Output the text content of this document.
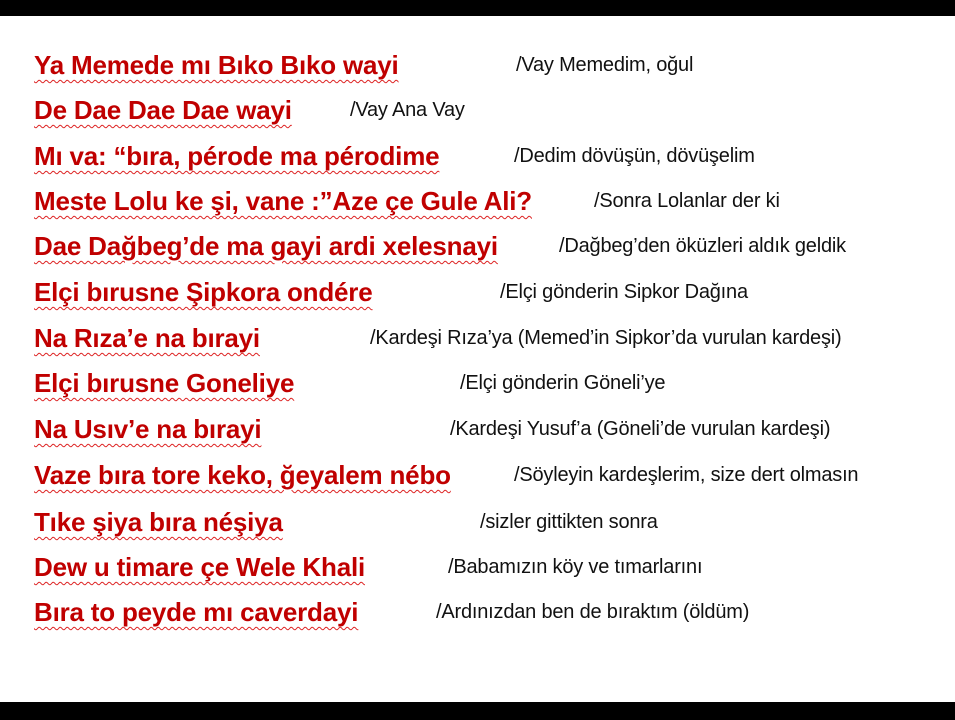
Ya Memede mı Bıko Bıko wayi	/Vay Memedim, oğul
De Dae Dae Dae wayi	/Vay Ana Vay
Mı va: “bıra, pérode ma pérodime	/Dedim dövüşün, dövüşelim
Meste Lolu ke şi, vane :”Aze çe Gule Ali?	/Sonra Lolanlar der ki
Dae Dağbeg’de ma gayi ardi xelesnayi	/Dağbeg’den öküzleri aldık geldik
Elçi bırusne Şipkora ondére	/Elçi gönderin Sipkor Dağına
Na Rıza’e na bırayi	/Kardeşi Rıza’ya (Memed’in Sipkor’da vurulan kardeşi)
Elçi bırusne Goneliye	/Elçi gönderin Göneli’ye
Na Usıv’e na bırayi	/Kardeşi Yusuf’a (Göneli’de vurulan kardeşi)
Vaze bıra tore keko, ğeyalem nébo	/Söyleyin kardeşlerim, size dert olmasın
Tıke şiya bıra néşiya	/sizler gittikten sonra
Dew u timare çe Wele Khali	/Babamızın köy ve tımarlarını
Bıra to peyde mı caverdayi	/Ardınızdan ben de bıraktım (öldüm)
